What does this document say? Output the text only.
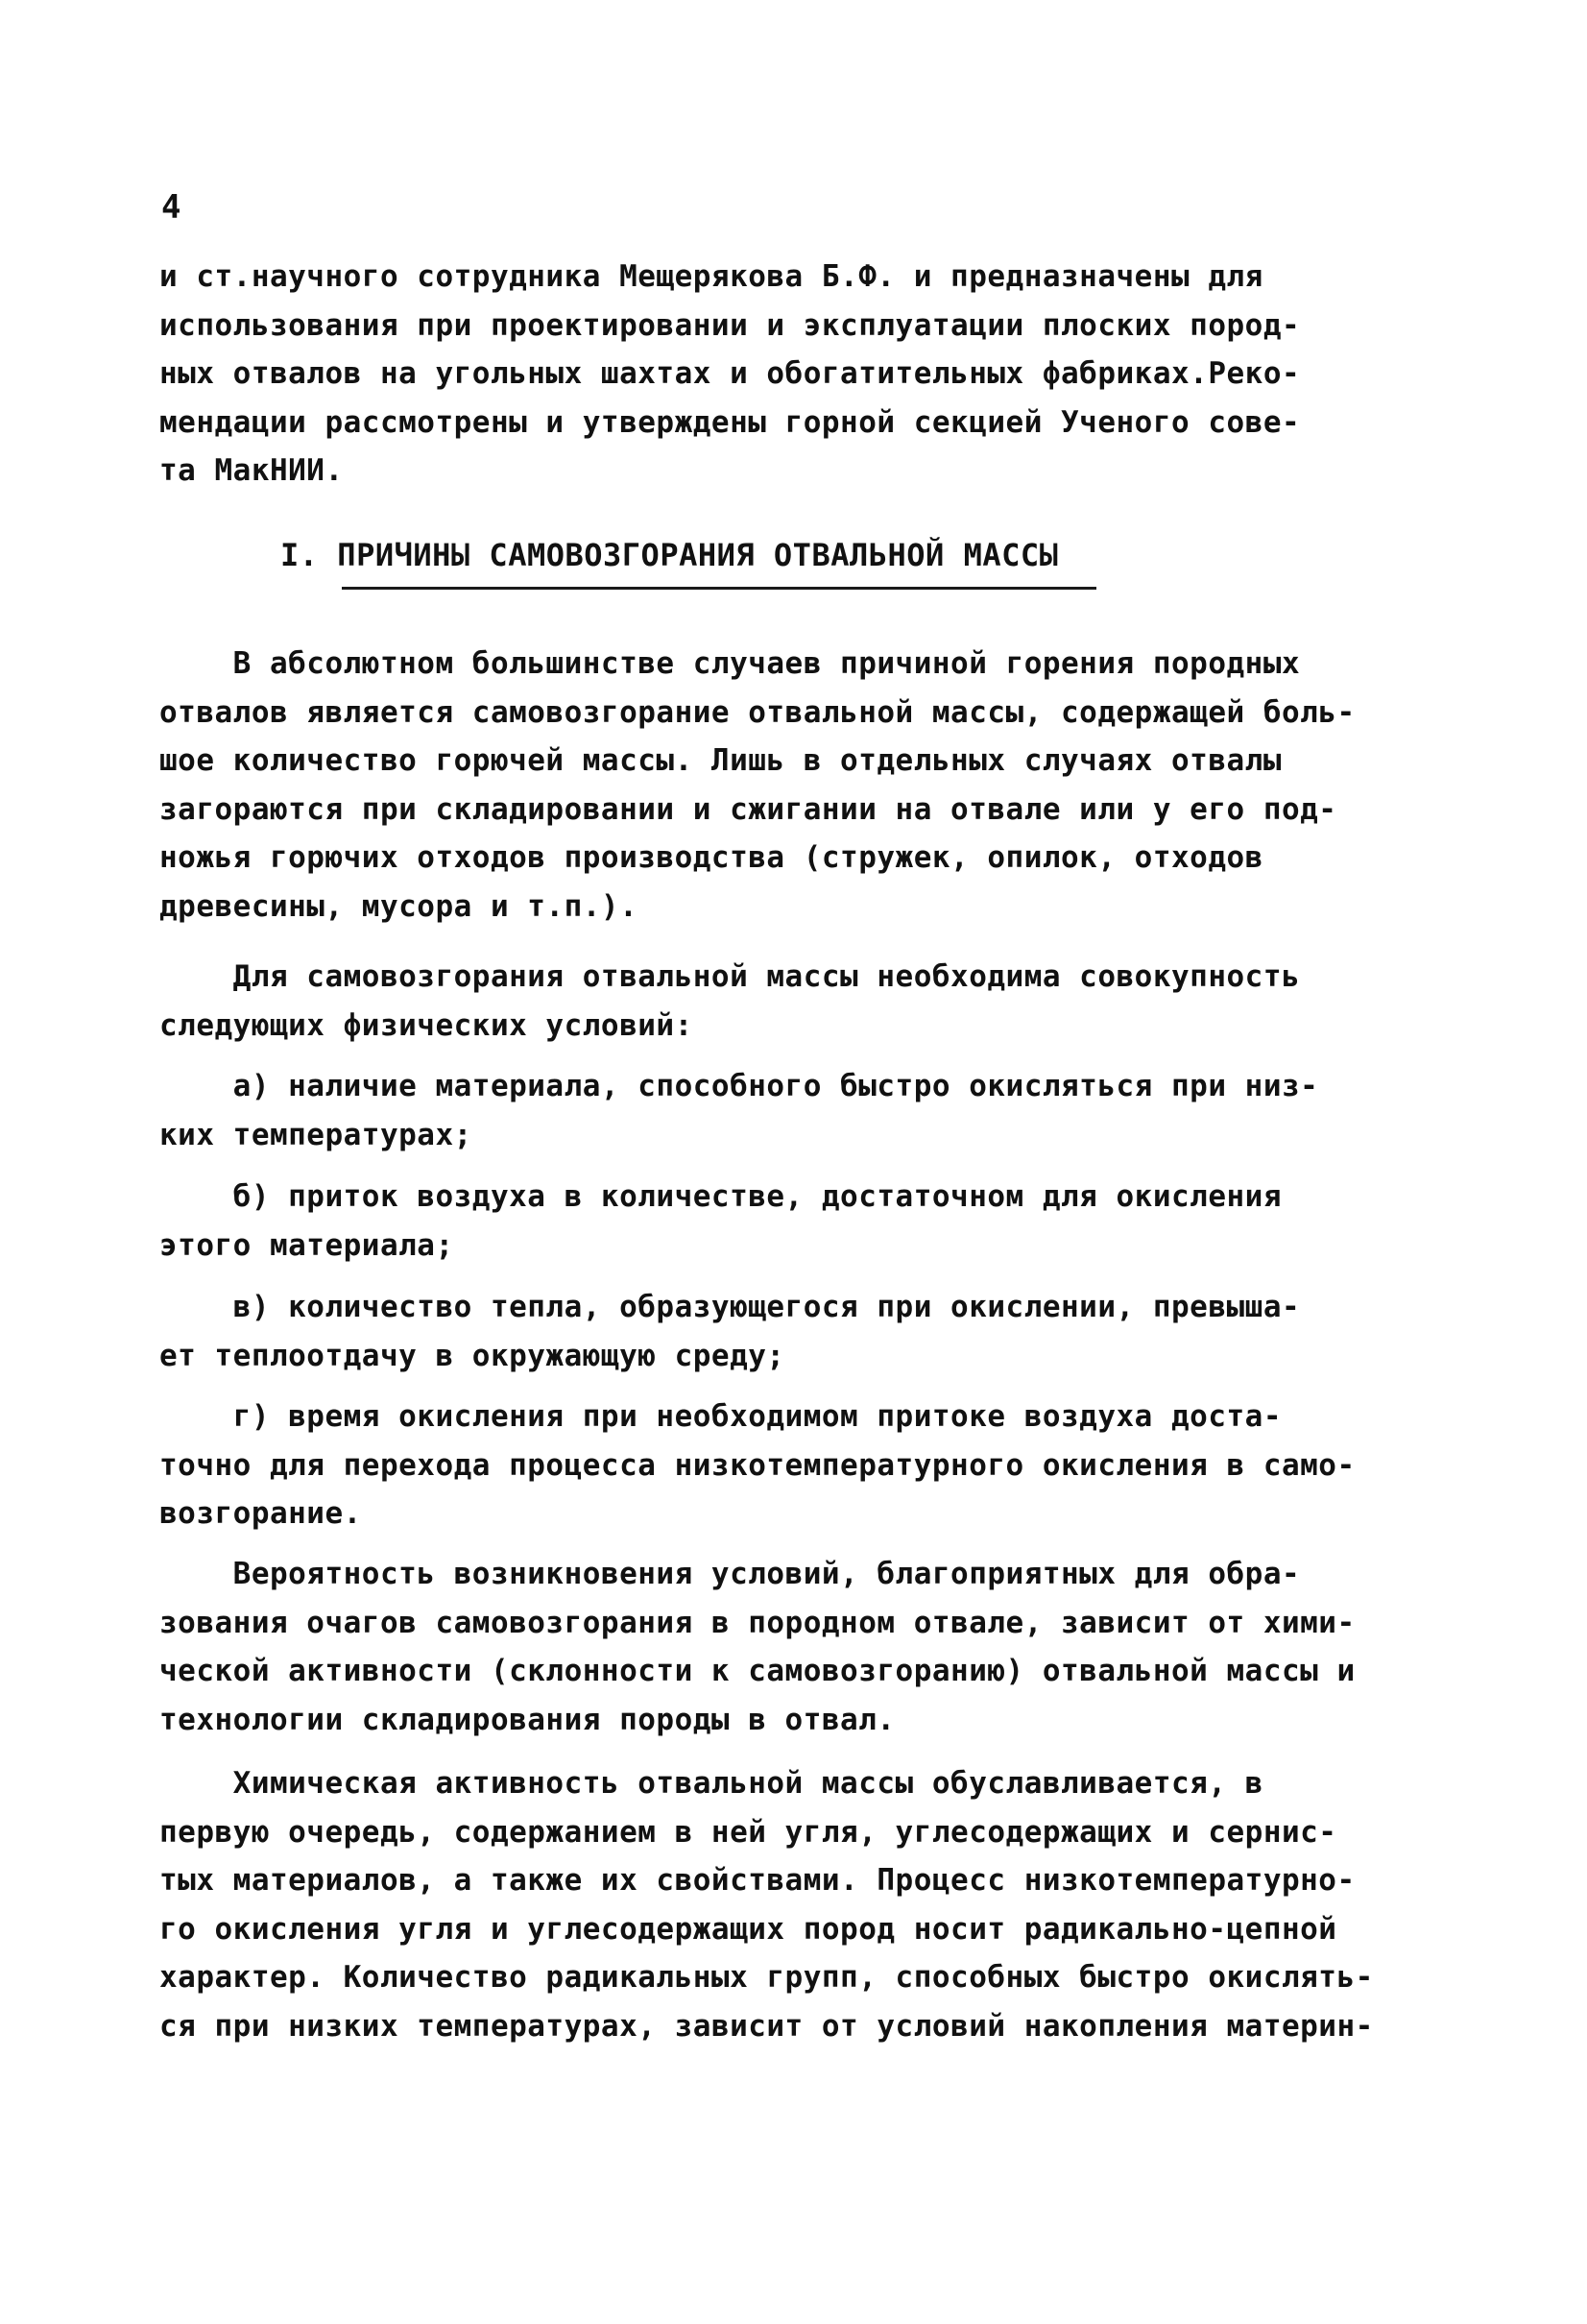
4
и ст.научного сотрудника Мещерякова Б.Ф. и предназначены для
использования при проектировании и эксплуатации плоских пород-
ных отвалов на угольных шахтах и обогатительных фабриках.Реко-
мендации рассмотрены и утверждены горной секцией Ученого сове-
та МакНИИ.
I. ПРИЧИНЫ САМОВОЗГОРАНИЯ ОТВАЛЬНОЙ МАССЫ
В абсолютном большинстве случаев причиной горения породных
отвалов является самовозгорание отвальной массы, содержащей боль-
шое количество горючей массы. Лишь в отдельных случаях отвалы
загораются при складировании и сжигании на отвале или у его под-
ножья горючих отходов производства (стружек, опилок, отходов
древесины, мусора и т.п.).
Для самовозгорания отвальной массы необходима совокупность
следующих физических условий:
а) наличие материала, способного быстро окисляться при низ-
ких температурах;
б) приток воздуха в количестве, достаточном для окисления
этого материала;
в) количество тепла, образующегося при окислении, превыша-
ет теплоотдачу в окружающую среду;
г) время окисления при необходимом притоке воздуха доста-
точно для перехода процесса низкотемпературного окисления в само-
возгорание.
Вероятность возникновения условий, благоприятных для обра-
зования очагов самовозгорания в породном отвале, зависит от хими-
ческой активности (склонности к самовозгоранию) отвальной массы и
технологии складирования породы в отвал.
Химическая активность отвальной массы обуславливается, в
первую очередь, содержанием в ней угля, углесодержащих и сернис-
тых материалов, а также их свойствами. Процесс низкотемпературно-
го окисления угля и углесодержащих пород носит радикально-цепной
характер. Количество радикальных групп, способных быстро окислять-
ся при низких температурах, зависит от условий накопления материн-
